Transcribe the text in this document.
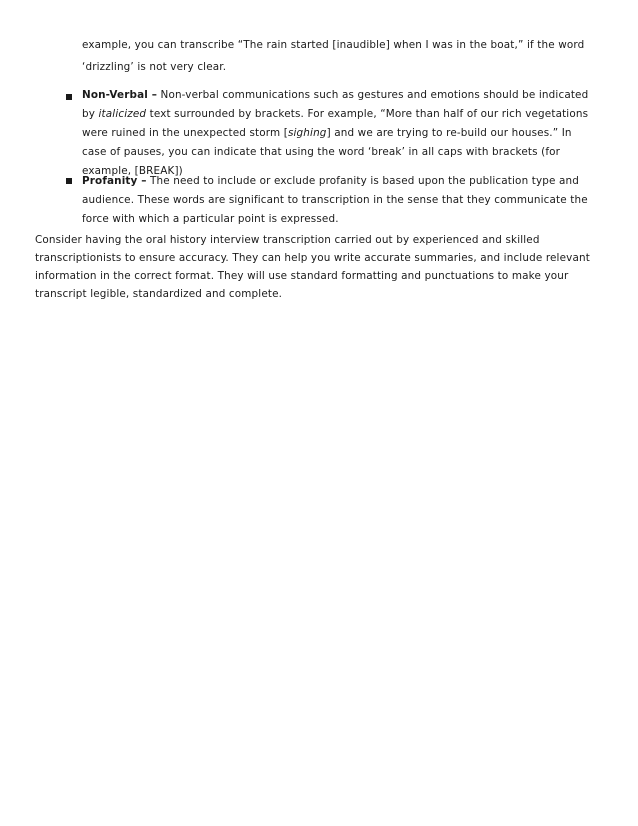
example, you can transcribe “The rain started [inaudible] when I was in the boat,” if the word
‘drizzling’ is not very clear.
Non-Verbal – Non-verbal communications such as gestures and emotions should be indicated
by italicized text surrounded by brackets. For example, “More than half of our rich vegetations
were ruined in the unexpected storm [sighing] and we are trying to re-build our houses.” In
case of pauses, you can indicate that using the word ‘break’ in all caps with brackets (for
example, [BREAK])
Profanity – The need to include or exclude profanity is based upon the publication type and
audience. These words are significant to transcription in the sense that they communicate the
force with which a particular point is expressed.
Consider having the oral history interview transcription carried out by experienced and skilled
transcriptionists to ensure accuracy. They can help you write accurate summaries, and include relevant
information in the correct format. They will use standard formatting and punctuations to make your
transcript legible, standardized and complete.
